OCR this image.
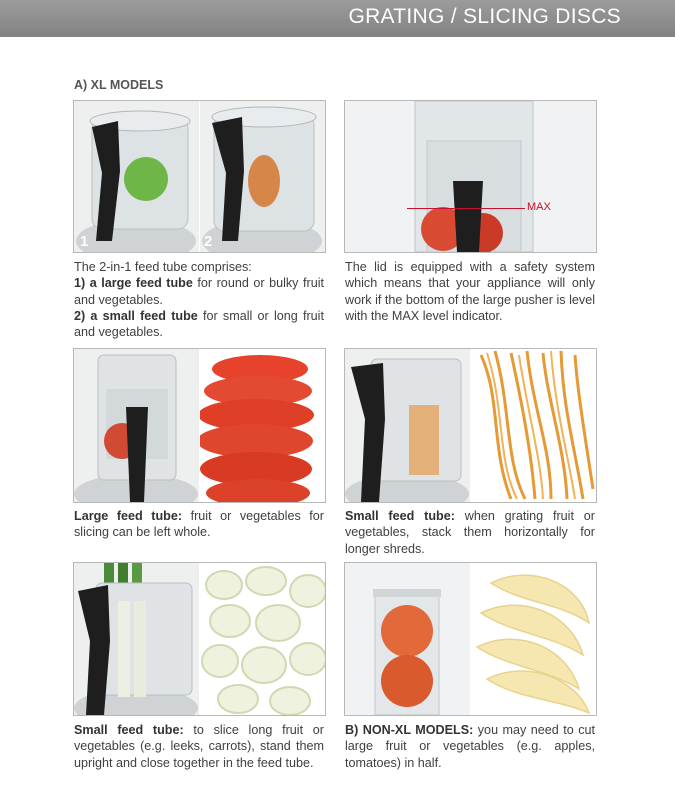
GRATING / SLICING DISCS
A) XL MODELS
1	2
MAX
The 2-in-1 feed tube comprises:
1) a large feed tube for round or bulky fruit and vegetables.
2) a small feed tube for small or long fruit and vegetables.
The lid is equipped with a safety system which means that your appliance will only work if the bottom of the large pusher is level with the MAX level indicator.
Large feed tube: fruit or vegetables for slicing can be left whole.
Small feed tube: when grating fruit or vegetables, stack them horizontally for longer shreds.
Small feed tube: to slice long fruit or vegetables (e.g. leeks, carrots), stand them upright and close together in the feed tube.
B) NON-XL MODELS: you may need to cut large fruit or vegetables (e.g. apples, tomatoes) in half.
